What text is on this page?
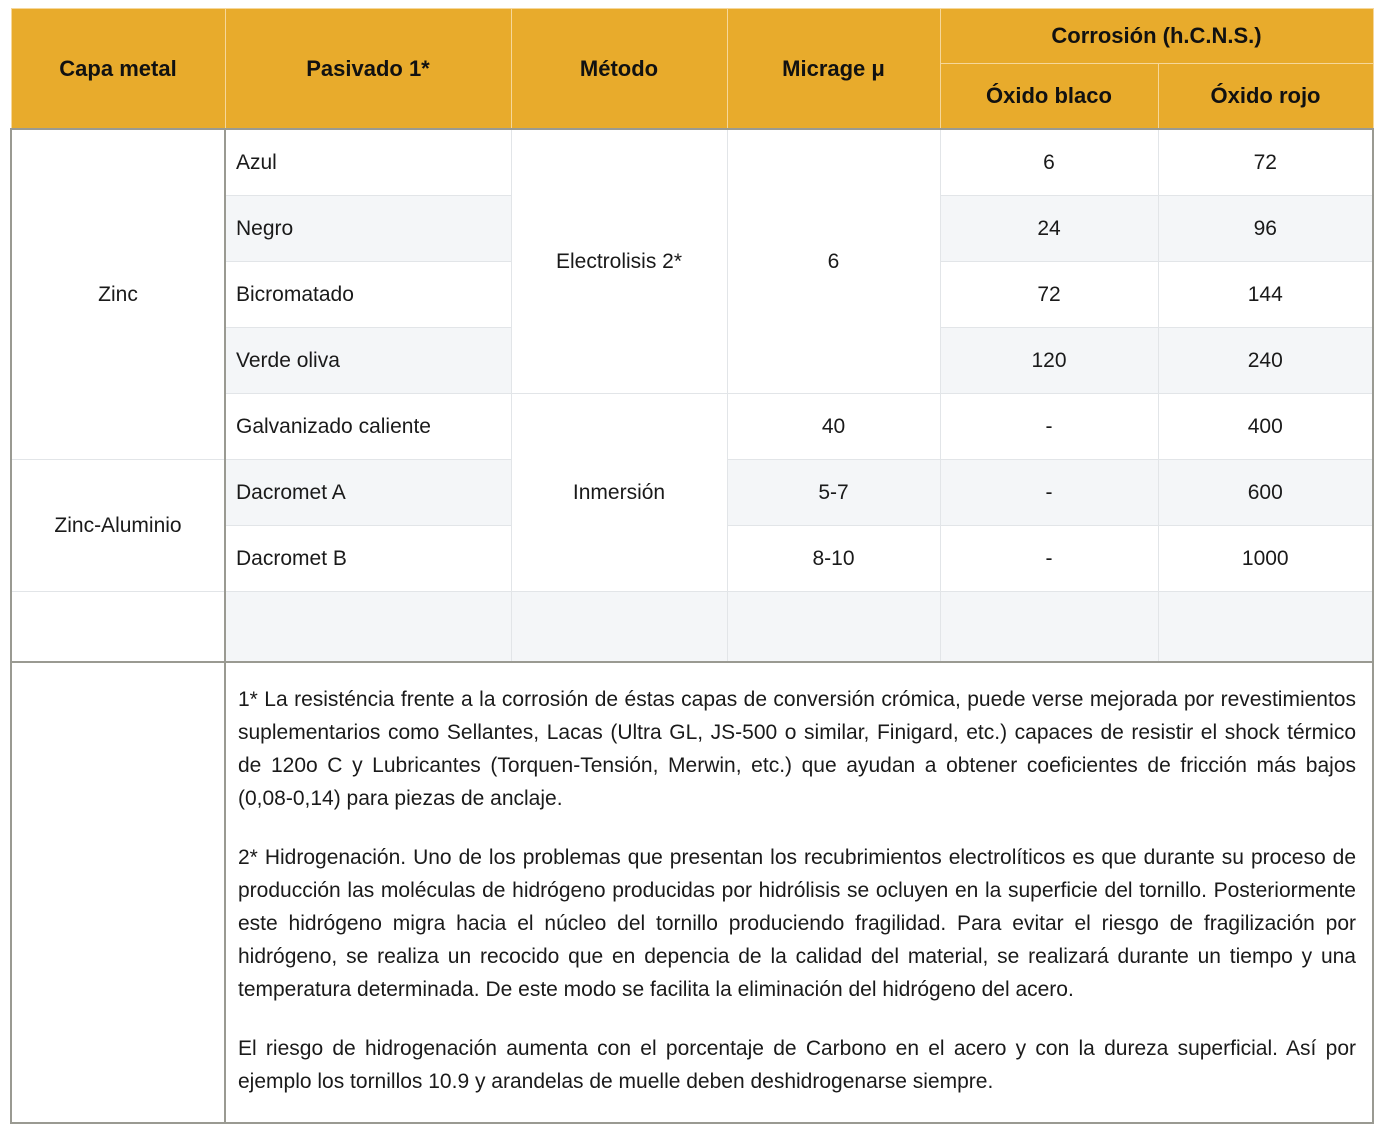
Capa metal	Pasivado 1*	Método	Micrage μ	Corrosión (h.C.N.S.)	
				Óxido blaco	Óxido rojo
Zinc	Azul	Electrolisis 2*	6	6	72
	Negro			24	96
	Bicromatado			72	144
	Verde oliva			120	240
	Galvanizado caliente	Inmersión	40	-	400
Zinc-Aluminio	Dacromet A		5-7	-	600
	Dacromet B		8-10	-	1000

	1* La resisténcia frente a la corrosión de éstas capas de conversión crómica, puede verse mejorada por revestimientos suplementarios como Sellantes, Lacas (Ultra GL, JS-500 o similar, Finigard, etc.) capaces de resistir el shock térmico de 120o C y Lubricantes (Torquen-Tensión, Merwin, etc.) que ayudan a obtener coeficientes de fricción más bajos (0,08-0,14) para piezas de anclaje.

2* Hidrogenación. Uno de los problemas que presentan los recubrimientos electrolíticos es que durante su proceso de producción las moléculas de hidrógeno producidas por hidrólisis se ocluyen en la superficie del tornillo. Posteriormente este hidrógeno migra hacia el núcleo del tornillo produciendo fragilidad. Para evitar el riesgo de fragilización por hidrógeno, se realiza un recocido que en depencia de la calidad del material, se realizará durante un tiempo y una temperatura determinada. De este modo se facilita la eliminación del hidrógeno del acero.

El riesgo de hidrogenación aumenta con el porcentaje de Carbono en el acero y con la dureza superficial. Así por ejemplo los tornillos 10.9 y arandelas de muelle deben deshidrogenarse siempre.				
